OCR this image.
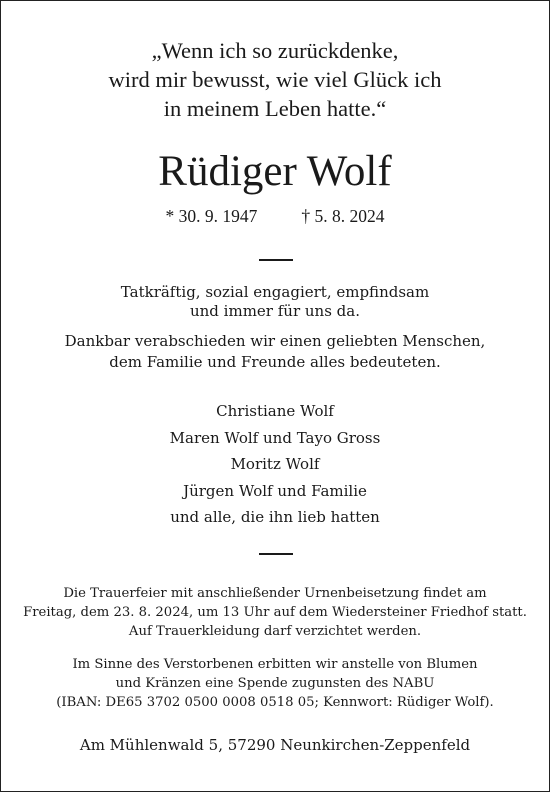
„Wenn ich so zurückdenke,
wird mir bewusst, wie viel Glück ich
in meinem Leben hatte.“
Rüdiger Wolf
* 30. 9. 1947	† 5. 8. 2024
Tatkräftig, sozial engagiert, empfindsam
und immer für uns da.
Dankbar verabschieden wir einen geliebten Menschen,
dem Familie und Freunde alles bedeuteten.
Christiane Wolf
Maren Wolf und Tayo Gross
Moritz Wolf
Jürgen Wolf und Familie
und alle, die ihn lieb hatten
Die Trauerfeier mit anschließender Urnenbeisetzung findet am
Freitag, dem 23. 8. 2024, um 13 Uhr auf dem Wiedersteiner Friedhof statt.
Auf Trauerkleidung darf verzichtet werden.
Im Sinne des Verstorbenen erbitten wir anstelle von Blumen
und Kränzen eine Spende zugunsten des NABU
(IBAN: DE65 3702 0500 0008 0518 05; Kennwort: Rüdiger Wolf).
Am Mühlenwald 5, 57290 Neunkirchen-Zeppenfeld
